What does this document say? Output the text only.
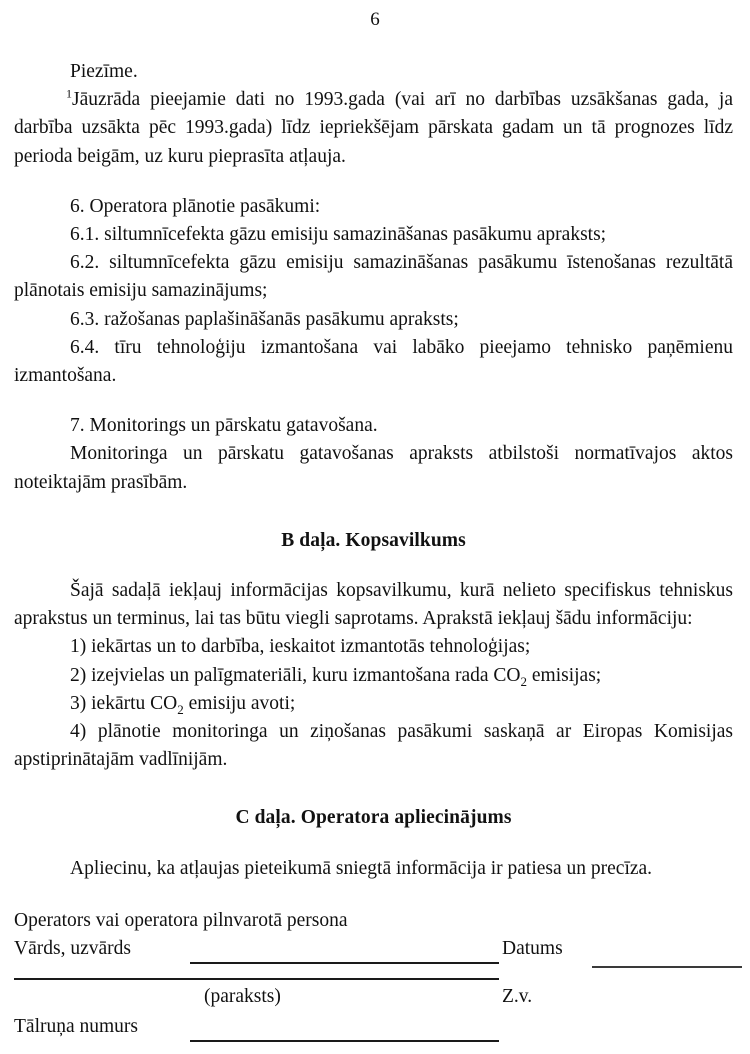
6

Piezīme.

$^1$Jāuzrāda pieejamie dati no 1993.gada (vai arī no darbības uzsākšanas gada, ja darbība uzsākta pēc 1993.gada) līdz iepriekšējam pārskata gadam un tā prognozes līdz perioda beigām, uz kuru pieprasīta atļauja.

6. Operatora plānotie pasākumi:

6.1. siltumnīcefekta gāzu emisiju samazināšanas pasākumu apraksts;

6.2. siltumnīcefekta gāzu emisiju samazināšanas pasākumu īstenošanas rezultātā plānotais emisiju samazinājums;

6.3. ražošanas paplašināšanās pasākumu apraksts;

6.4. tīru tehnoloģiju izmantošana vai labāko pieejamo tehnisko paņēmienu izmantošana.

7. Monitorings un pārskatu gatavošana.

Monitoringa un pārskatu gatavošanas apraksts atbilstoši normatīvajos aktos noteiktajām prasībām.

B daļa. Kopsavilkums

Šajā sadaļā iekļauj informācijas kopsavilkumu, kurā nelieto specifiskus tehniskus aprakstus un terminus, lai tas būtu viegli saprotams. Aprakstā iekļauj šādu informāciju:

1) iekārtas un to darbība, ieskaitot izmantotās tehnoloģijas;

2) izejvielas un palīgmateriāli, kuru izmantošana rada $CO_2$ emisijas;

3) iekārtu $CO_2$ emisiju avoti;

4) plānotie monitoringa un ziņošanas pasākumi saskaņā ar Eiropas Komisijas apstiprinātajām vadlīnijām.

C daļa. Operatora apliecinājums

Apliecinu, ka atļaujas pieteikumā sniegtā informācija ir patiesa un precīza.

Operators vai operatora pilnvarotā persona

Vārds, uzvārds	Datums
(paraksts)	Z.v.
Tālruņa numurs
